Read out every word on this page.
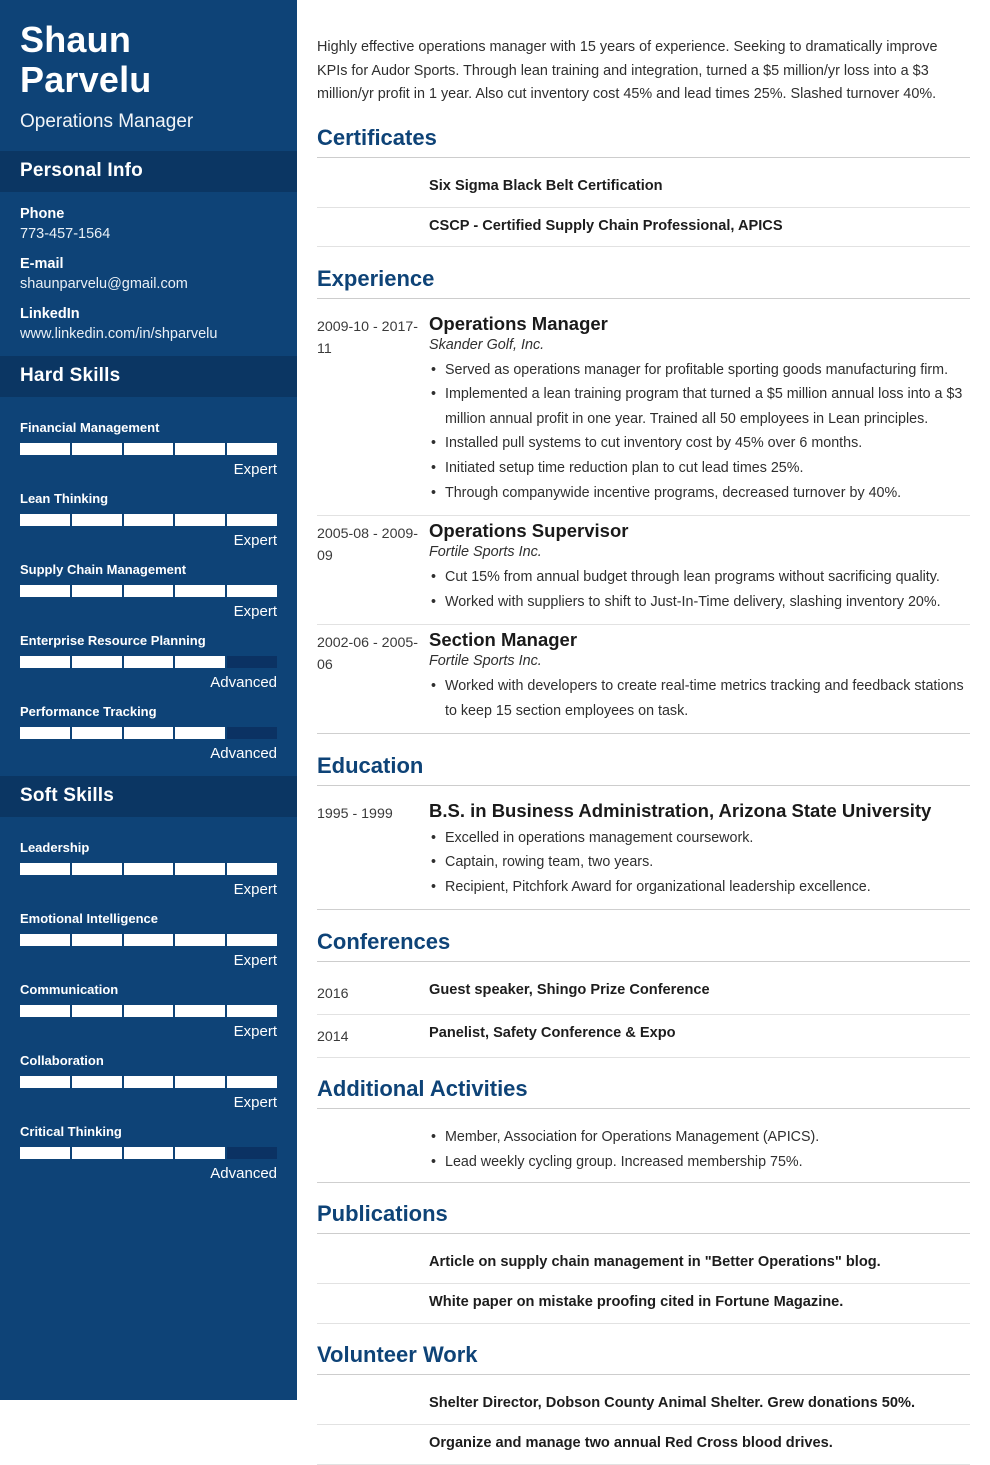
Shaun
Parvelu
Operations Manager
Personal Info
Phone
773-457-1564
E-mail
shaunparvelu@gmail.com
LinkedIn
www.linkedin.com/in/shparvelu
Hard Skills
Financial Management
Expert
Lean Thinking
Expert
Supply Chain Management
Expert
Enterprise Resource Planning
Advanced
Performance Tracking
Advanced
Soft Skills
Leadership
Expert
Emotional Intelligence
Expert
Communication
Expert
Collaboration
Expert
Critical Thinking
Advanced

Highly effective operations manager with 15 years of experience. Seeking to dramatically improve KPIs for Audor Sports. Through lean training and integration, turned a $5 million/yr loss into a $3 million/yr profit in 1 year. Also cut inventory cost 45% and lead times 25%. Slashed turnover 40%.

Certificates
Six Sigma Black Belt Certification
CSCP - Certified Supply Chain Professional, APICS
Experience
2009-10 - 2017-11
Operations Manager
Skander Golf, Inc.
• Served as operations manager for profitable sporting goods manufacturing firm.
• Implemented a lean training program that turned a $5 million annual loss into a $3 million annual profit in one year. Trained all 50 employees in Lean principles.
• Installed pull systems to cut inventory cost by 45% over 6 months.
• Initiated setup time reduction plan to cut lead times 25%.
• Through companywide incentive programs, decreased turnover by 40%.
2005-08 - 2009-09
Operations Supervisor
Fortile Sports Inc.
• Cut 15% from annual budget through lean programs without sacrificing quality.
• Worked with suppliers to shift to Just-In-Time delivery, slashing inventory 20%.
2002-06 - 2005-06
Section Manager
Fortile Sports Inc.
• Worked with developers to create real-time metrics tracking and feedback stations to keep 15 section employees on task.
Education
1995 - 1999	B.S. in Business Administration, Arizona State University
• Excelled in operations management coursework.
• Captain, rowing team, two years.
• Recipient, Pitchfork Award for organizational leadership excellence.
Conferences
2016	Guest speaker, Shingo Prize Conference
2014	Panelist, Safety Conference & Expo
Additional Activities
• Member, Association for Operations Management (APICS).
• Lead weekly cycling group. Increased membership 75%.
Publications
Article on supply chain management in "Better Operations" blog.
White paper on mistake proofing cited in Fortune Magazine.
Volunteer Work
Shelter Director, Dobson County Animal Shelter. Grew donations 50%.
Organize and manage two annual Red Cross blood drives.
